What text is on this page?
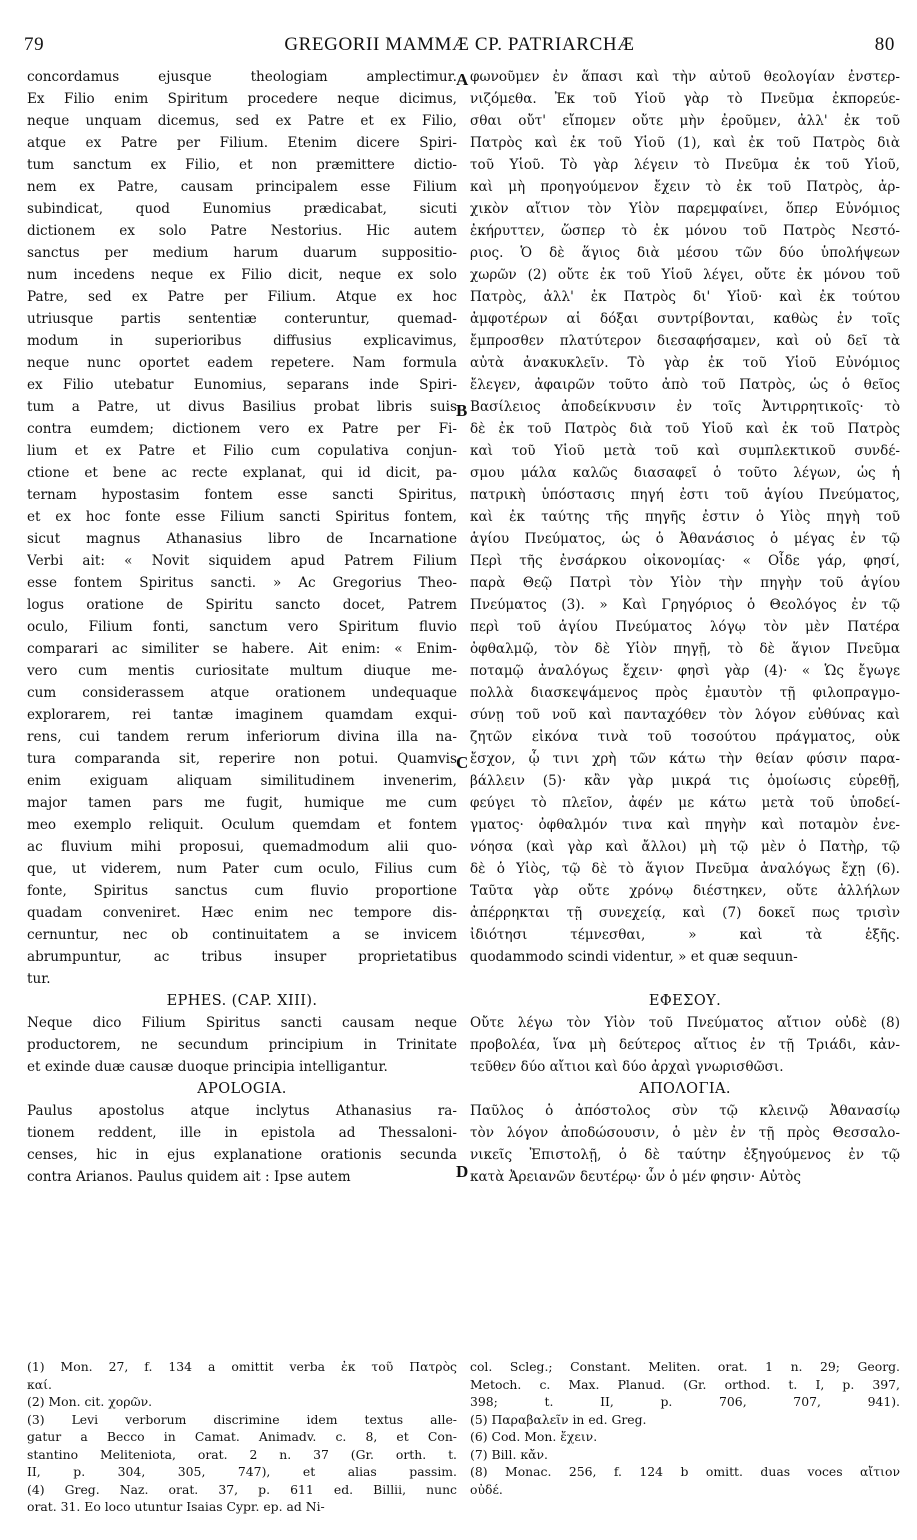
79	GREGORII MAMMÆ CP. PATRIARCHÆ	80
A
B
C
D
concordamus ejusque theologiam amplectimur.
Ex Filio enim Spiritum procedere neque dicimus,
neque unquam dicemus, sed ex Patre et ex Filio,
atque ex Patre per Filium. Etenim dicere Spiri-
tum sanctum ex Filio, et non præmittere dictio-
nem ex Patre, causam principalem esse Filium
subindicat, quod Eunomius prædicabat, sicuti
dictionem ex solo Patre Nestorius. Hic autem
sanctus per medium harum duarum suppositio-
num incedens neque ex Filio dicit, neque ex solo
Patre, sed ex Patre per Filium. Atque ex hoc
utriusque partis sententiæ conteruntur, quemad-
modum in superioribus diffusius explicavimus,
neque nunc oportet eadem repetere. Nam formula
ex Filio utebatur Eunomius, separans inde Spiri-
tum a Patre, ut divus Basilius probat libris suis
contra eumdem; dictionem vero ex Patre per Fi-
lium et ex Patre et Filio cum copulativa conjun-
ctione et bene ac recte explanat, qui id dicit, pa-
ternam hypostasim fontem esse sancti Spiritus,
et ex hoc fonte esse Filium sancti Spiritus fontem,
sicut magnus Athanasius libro de Incarnatione
Verbi ait: « Novit siquidem apud Patrem Filium
esse fontem Spiritus sancti. » Ac Gregorius Theo-
logus oratione de Spiritu sancto docet, Patrem
oculo, Filium fonti, sanctum vero Spiritum fluvio
comparari ac similiter se habere. Ait enim: « Enim-
vero cum mentis curiositate multum diuque me-
cum considerassem atque orationem undequaque
explorarem, rei tantæ imaginem quamdam exqui-
rens, cui tandem rerum inferiorum divina illa na-
tura comparanda sit, reperire non potui. Quamvis
enim exiguam aliquam similitudinem invenerim,
major tamen pars me fugit, humique me cum
meo exemplo reliquit. Oculum quemdam et fontem
ac fluvium mihi proposui, quemadmodum alii quo-
que, ut viderem, num Pater cum oculo, Filius cum
fonte, Spiritus sanctus cum fluvio proportione
quadam conveniret. Hæc enim nec tempore dis-
cernuntur, nec ob continuitatem a se invicem
abrumpuntur, ac tribus insuper proprietatibus
tur.
EPHES. (CAP. XIII).
Neque dico Filium Spiritus sancti causam neque
productorem, ne secundum principium in Trinitate
et exinde duæ causæ duoque principia intelligantur.
APOLOGIA.
Paulus apostolus atque inclytus Athanasius ra-
tionem reddent, ille in epistola ad Thessaloni-
censes, hic in ejus explanatione orationis secunda
contra Arianos. Paulus quidem ait : Ipse autem
φωνοῦμεν ἐν ἅπασι καὶ τὴν αὐτοῦ θεολογίαν ἐνστερ-
νιζόμεθα. Ἐκ τοῦ Υἱοῦ γὰρ τὸ Πνεῦμα ἐκπορεύε-
σθαι οὔτ' εἴπομεν οὔτε μὴν ἐροῦμεν, ἀλλ' ἐκ τοῦ
Πατρὸς καὶ ἐκ τοῦ Υἱοῦ (1), καὶ ἐκ τοῦ Πατρὸς διὰ
τοῦ Υἱοῦ. Τὸ γὰρ λέγειν τὸ Πνεῦμα ἐκ τοῦ Υἱοῦ,
καὶ μὴ προηγούμενον ἔχειν τὸ ἐκ τοῦ Πατρὸς, ἀρ-
χικὸν αἴτιον τὸν Υἱὸν παρεμφαίνει, ὅπερ Εὐνόμιος
ἐκήρυττεν, ὥσπερ τὸ ἐκ μόνου τοῦ Πατρὸς Νεστό-
ριος. Ὁ δὲ ἅγιος διὰ μέσου τῶν δύο ὑπολήψεων
χωρῶν (2) οὔτε ἐκ τοῦ Υἱοῦ λέγει, οὔτε ἐκ μόνου τοῦ
Πατρὸς, ἀλλ' ἐκ Πατρὸς δι' Υἱοῦ· καὶ ἐκ τούτου
ἀμφοτέρων αἱ δόξαι συντρίβονται, καθὼς ἐν τοῖς
ἔμπροσθεν πλατύτερον διεσαφήσαμεν, καὶ οὐ δεῖ τὰ
αὐτὰ ἀνακυκλεῖν. Τὸ γὰρ ἐκ τοῦ Υἱοῦ Εὐνόμιος
ἔλεγεν, ἀφαιρῶν τοῦτο ἀπὸ τοῦ Πατρὸς, ὡς ὁ θεῖος
Βασίλειος ἀποδείκνυσιν ἐν τοῖς Ἀντιρρητικοῖς· τὸ
δὲ ἐκ τοῦ Πατρὸς διὰ τοῦ Υἱοῦ καὶ ἐκ τοῦ Πατρὸς
καὶ τοῦ Υἱοῦ μετὰ τοῦ καὶ συμπλεκτικοῦ συνδέ-
σμου μάλα καλῶς διασαφεῖ ὁ τοῦτο λέγων, ὡς ἡ
πατρικὴ ὑπόστασις πηγή ἐστι τοῦ ἁγίου Πνεύματος,
καὶ ἐκ ταύτης τῆς πηγῆς ἐστιν ὁ Υἱὸς πηγὴ τοῦ
ἁγίου Πνεύματος, ὡς ὁ Ἀθανάσιος ὁ μέγας ἐν τῷ
Περὶ τῆς ἐνσάρκου οἰκονομίας· « Οἶδε γάρ, φησί,
παρὰ Θεῷ Πατρὶ τὸν Υἱὸν τὴν πηγὴν τοῦ ἁγίου
Πνεύματος (3). » Καὶ Γρηγόριος ὁ Θεολόγος ἐν τῷ
περὶ τοῦ ἁγίου Πνεύματος λόγῳ τὸν μὲν Πατέρα
ὀφθαλμῷ, τὸν δὲ Υἱὸν πηγῇ, τὸ δὲ ἅγιον Πνεῦμα
ποταμῷ ἀναλόγως ἔχειν· φησὶ γὰρ (4)· « Ὡς ἔγωγε
πολλὰ διασκεψάμενος πρὸς ἐμαυτὸν τῇ φιλοπραγμο-
σύνῃ τοῦ νοῦ καὶ πανταχόθεν τὸν λόγον εὐθύνας καὶ
ζητῶν εἰκόνα τινὰ τοῦ τοσούτου πράγματος, οὐκ
ἔσχον, ᾧ τινι χρὴ τῶν κάτω τὴν θείαν φύσιν παρα-
βάλλειν (5)· κἂν γὰρ μικρά τις ὁμοίωσις εὑρεθῇ,
φεύγει τὸ πλεῖον, ἀφέν με κάτω μετὰ τοῦ ὑποδεί-
γματος· ὀφθαλμόν τινα καὶ πηγὴν καὶ ποταμὸν ἐνε-
νόησα (καὶ γὰρ καὶ ἄλλοι) μὴ τῷ μὲν ὁ Πατὴρ, τῷ
δὲ ὁ Υἱὸς, τῷ δὲ τὸ ἅγιον Πνεῦμα ἀναλόγως ἔχῃ (6).
Ταῦτα γὰρ οὔτε χρόνῳ διέστηκεν, οὔτε ἀλλήλων
ἀπέρρηκται τῇ συνεχείᾳ, καὶ (7) δοκεῖ πως τρισὶν
ἰδιότησι τέμνεσθαι, » καὶ τὰ ἑξῆς.
quodammodo scindi videntur, » et quæ sequun-
ΕΦΕΣΟΥ.
Οὔτε λέγω τὸν Υἱὸν τοῦ Πνεύματος αἴτιον οὐδὲ (8)
προβολέα, ἵνα μὴ δεύτερος αἴτιος ἐν τῇ Τριάδι, κἀν-
τεῦθεν δύο αἴτιοι καὶ δύο ἀρχαὶ γνωρισθῶσι.
ΑΠΟΛΟΓΙΑ.
Παῦλος ὁ ἀπόστολος σὺν τῷ κλεινῷ Ἀθανασίῳ
τὸν λόγον ἀποδώσουσιν, ὁ μὲν ἐν τῇ πρὸς Θεσσαλο-
νικεῖς Ἐπιστολῇ, ὁ δὲ ταύτην ἐξηγούμενος ἐν τῷ
κατὰ Ἀρειανῶν δευτέρῳ· ὧν ὁ μέν φησιν· Αὐτὸς
(1) Mon. 27, f. 134 a omittit verba ἐκ τοῦ Πατρὸς
καί.
(2) Mon. cit. χορῶν.
(3) Levi verborum discrimine idem textus alle-
gatur a Becco in Camat. Animadv. c. 8, et Con-
stantino Meliteniota, orat. 2 n. 37 (Gr. orth. t.
II, p. 304, 305, 747), et alias passim.
(4) Greg. Naz. orat. 37, p. 611 ed. Billii, nunc
orat. 31. Eo loco utuntur Isaias Cypr. ep. ad Ni-
col. Scleg.; Constant. Meliten. orat. 1 n. 29; Georg.
Metoch. c. Max. Planud. (Gr. orthod. t. I, p. 397,
398; t. II, p. 706, 707, 941).
(5) Παραβαλεῖν in ed. Greg.
(6) Cod. Mon. ἔχειν.
(7) Bill. κἄν.
(8) Monac. 256, f. 124 b omitt. duas voces αἴτιον
οὐδέ.
